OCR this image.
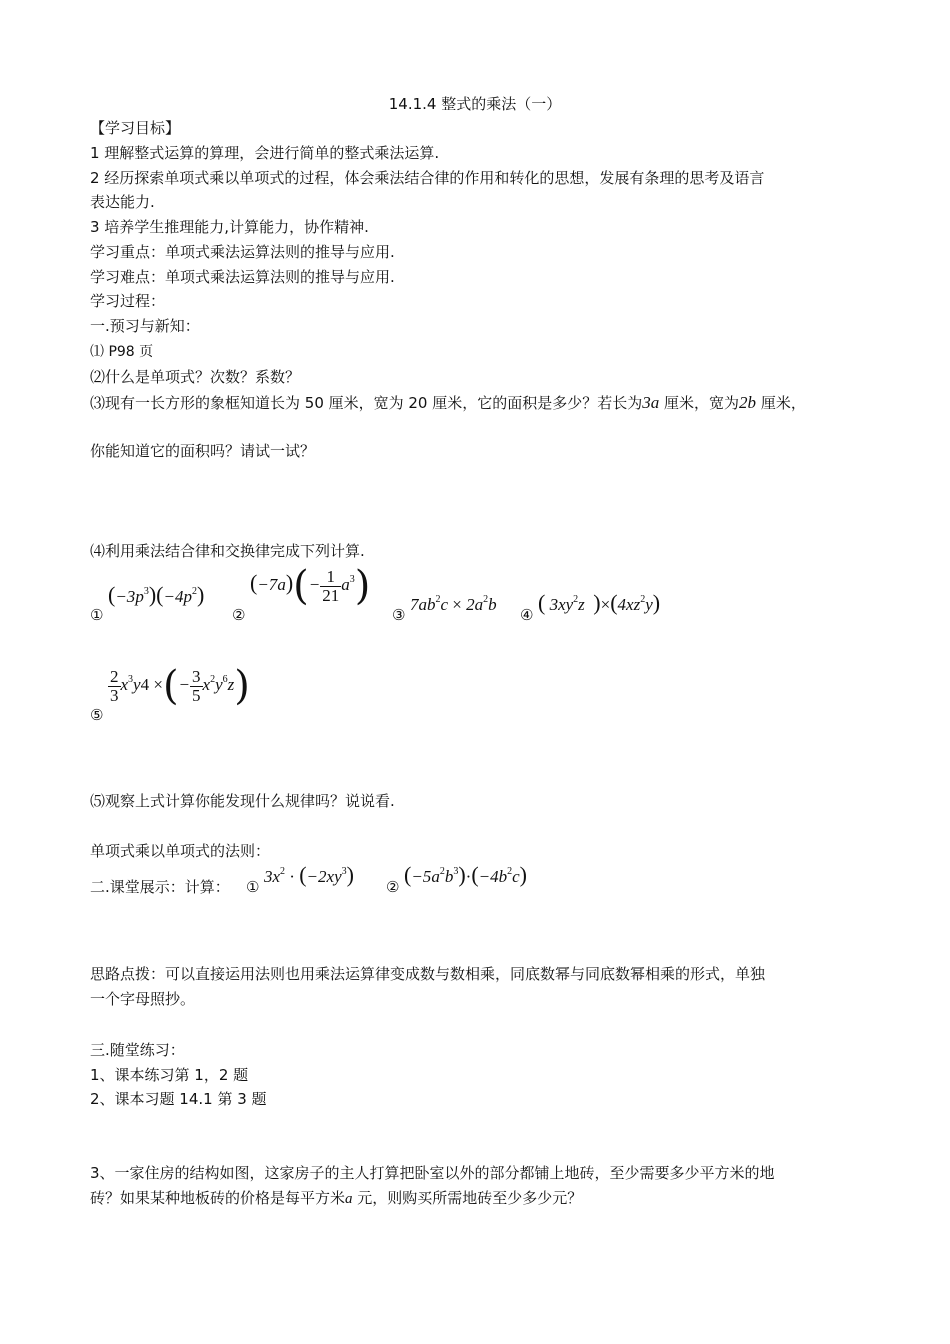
14.1.4 整式的乘法（一）
【学习目标】
1 理解整式运算的算理，会进行简单的整式乘法运算.
2 经历探索单项式乘以单项式的过程，体会乘法结合律的作用和转化的思想，发展有条理的思考及语言
表达能力.
3 培养学生推理能力,计算能力，协作精神.
学习重点：单项式乘法运算法则的推导与应用.
学习难点：单项式乘法运算法则的推导与应用.
学习过程：
一.预习与新知：
⑴ P98 页
⑵什么是单项式？次数？系数？
⑶现有一长方形的象框知道长为 50 厘米，宽为 20 厘米，它的面积是多少？若长为3a 厘米，宽为2b 厘米，
你能知道它的面积吗？请试一试？
⑷利用乘法结合律和交换律完成下列计算.
①
$(-3p^3)(-4p^2)$
②
$(-7a)(- \frac{1}{21} a^3)$
③
$7ab^2c \times 2a^2b$
④ ( $3xy^2z$ )$\times(4xz^2y)$
⑤
$\frac{2}{3} x^3y4$ ×(− $\frac{3}{5} x^2y^6z$)
⑸观察上式计算你能发现什么规律吗？说说看.
单项式乘以单项式的法则：
二.课堂展示：计算： ①
$3x^2 \cdot (-2xy^3)$ ② $(-5a^2b^3)\cdot(-4b^2c)$
思路点拨：可以直接运用法则也用乘法运算律变成数与数相乘，同底数幂与同底数幂相乘的形式，单独
一个字母照抄。
三.随堂练习：
1、课本练习第 1，2 题
2、课本习题 14.1 第 3 题
3、一家住房的结构如图，这家房子的主人打算把卧室以外的部分都铺上地砖，至少需要多少平方米的地
砖？如果某种地板砖的价格是每平方米a 元，则购买所需地砖至少多少元？
